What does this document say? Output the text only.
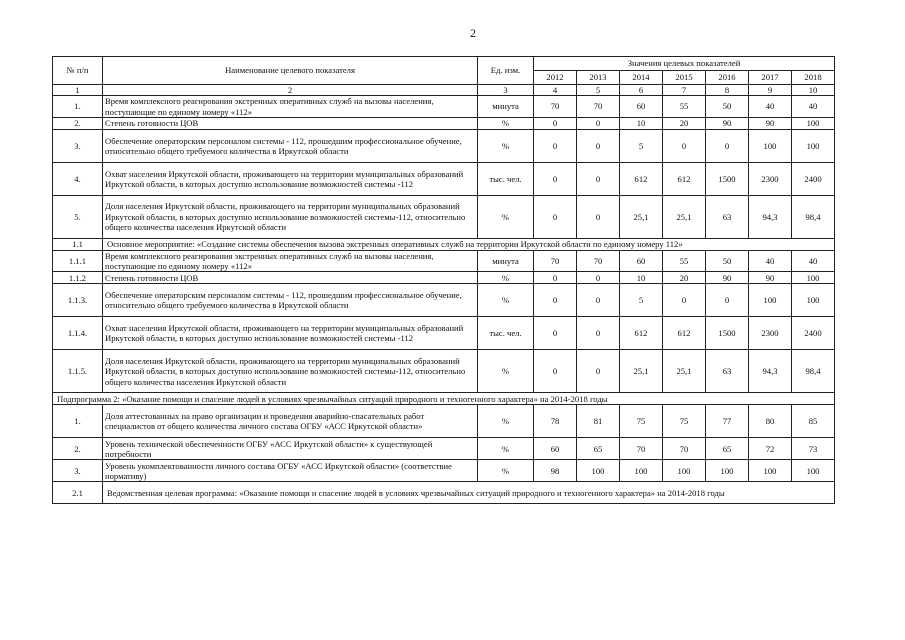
2
№ п/п	Наименование целевого показателя	Ед. изм.	Значения целевых показателей						
			2012	2013	2014	2015	2016	2017	2018
1	2	3	4	5	6	7	8	9	10
1.	Время комплексного реагирования экстренных оперативных служб на вызовы населения, поступающие по единому номеру «112»	минута	70	70	60	55	50	40	40
2.	Степень готовности ЦОВ	%	0	0	10	20	90	90	100
3.	Обеспечение операторским персоналом системы - 112, прошедшим профессиональное обучение, относительно общего требуемого количества в Иркутской области	%	0	0	5	0	0	100	100
4.	Охват населения Иркутской области, проживающего на территории муниципальных образований Иркутской области, в которых доступно использование возможностей системы -112	тыс. чел.	0	0	612	612	1500	2300	2400
5.	Доля населения Иркутской области, проживающего на территории муниципальных образований Иркутской области, в которых доступно использование возможностей системы-112, относительно общего количества населения Иркутской области	%	0	0	25,1	25,1	63	94,3	98,4
1.1	Основное мероприятие: «Создание системы обеспечения вызова экстренных оперативных служб на территории Иркутской области по единому номеру 112»								
1.1.1	Время комплексного реагирования экстренных оперативных служб на вызовы населения, поступающие по единому номеру «112»	минута	70	70	60	55	50	40	40
1.1.2	Степень готовности ЦОВ	%	0	0	10	20	90	90	100
1.1.3.	Обеспечение операторским персоналом системы - 112, прошедшим профессиональное обучение, относительно общего требуемого количества в Иркутской области	%	0	0	5	0	0	100	100
1.1.4.	Охват населения Иркутской области, проживающего на территории муниципальных образований Иркутской области, в которых доступно использование возможностей системы -112	тыс. чел.	0	0	612	612	1500	2300	2400
1.1.5.	Доля населения Иркутской области, проживающего на территории муниципальных образований Иркутской области, в которых доступно использование возможностей системы-112, относительно общего количества населения Иркутской области	%	0	0	25,1	25,1	63	94,3	98,4
Подпрограмма 2: «Оказание помощи и спасение людей в условиях чрезвычайных ситуаций природного и техногенного характера» на 2014-2018 годы									
1.	Доля аттестованных на право организации и проведения аварийно-спасательных работ специалистов от общего количества личного состава ОГБУ «АСС Иркутской области»	%	78	81	75	75	77	80	85
2.	Уровень технической обеспеченности ОГБУ «АСС Иркутской области» к существующей потребности	%	60	65	70	70	65	72	73
3.	Уровень укомплектованности личного состава ОГБУ «АСС Иркутской области» (соответствие нормативу)	%	98	100	100	100	100	100	100
2.1	Ведомственная целевая программа: «Оказание помощи и спасение людей в условиях чрезвычайных ситуаций природного и техногенного характера» на 2014-2018 годы								
